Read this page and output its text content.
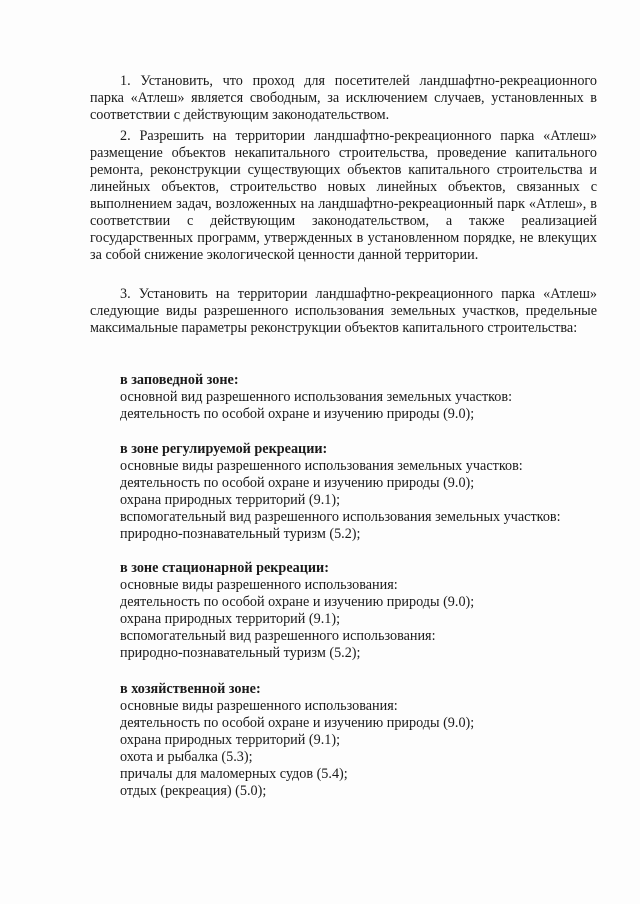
1. Установить, что проход для посетителей ландшафтно-рекреационного парка «Атлеш» является свободным, за исключением случаев, установленных в соответствии с действующим законодательством.

2. Разрешить на территории ландшафтно-рекреационного парка «Атлеш» размещение объектов некапитального строительства, проведение капитального ремонта, реконструкции существующих объектов капитального строительства и линейных объектов, строительство новых линейных объектов, связанных с выполнением задач, возложенных на ландшафтно-рекреационный парк «Атлеш», в соответствии с действующим законодательством, а также реализацией государственных программ, утвержденных в установленном порядке, не влекущих за собой снижение экологической ценности данной территории.

3. Установить на территории ландшафтно-рекреационного парка «Атлеш» следующие виды разрешенного использования земельных участков, предельные максимальные параметры реконструкции объектов капитального строительства:

в заповедной зоне:
основной вид разрешенного использования земельных участков:
деятельность по особой охране и изучению природы (9.0);
в зоне регулируемой рекреации:
основные виды разрешенного использования земельных участков:
деятельность по особой охране и изучению природы (9.0);
охрана природных территорий (9.1);
вспомогательный вид разрешенного использования земельных участков:
природно-познавательный туризм (5.2);
в зоне стационарной рекреации:
основные виды разрешенного использования:
деятельность по особой охране и изучению природы (9.0);
охрана природных территорий (9.1);
вспомогательный вид разрешенного использования:
природно-познавательный туризм (5.2);
в хозяйственной зоне:
основные виды разрешенного использования:
деятельность по особой охране и изучению природы (9.0);
охрана природных территорий (9.1);
охота и рыбалка (5.3);
причалы для маломерных судов (5.4);
отдых (рекреация) (5.0);
